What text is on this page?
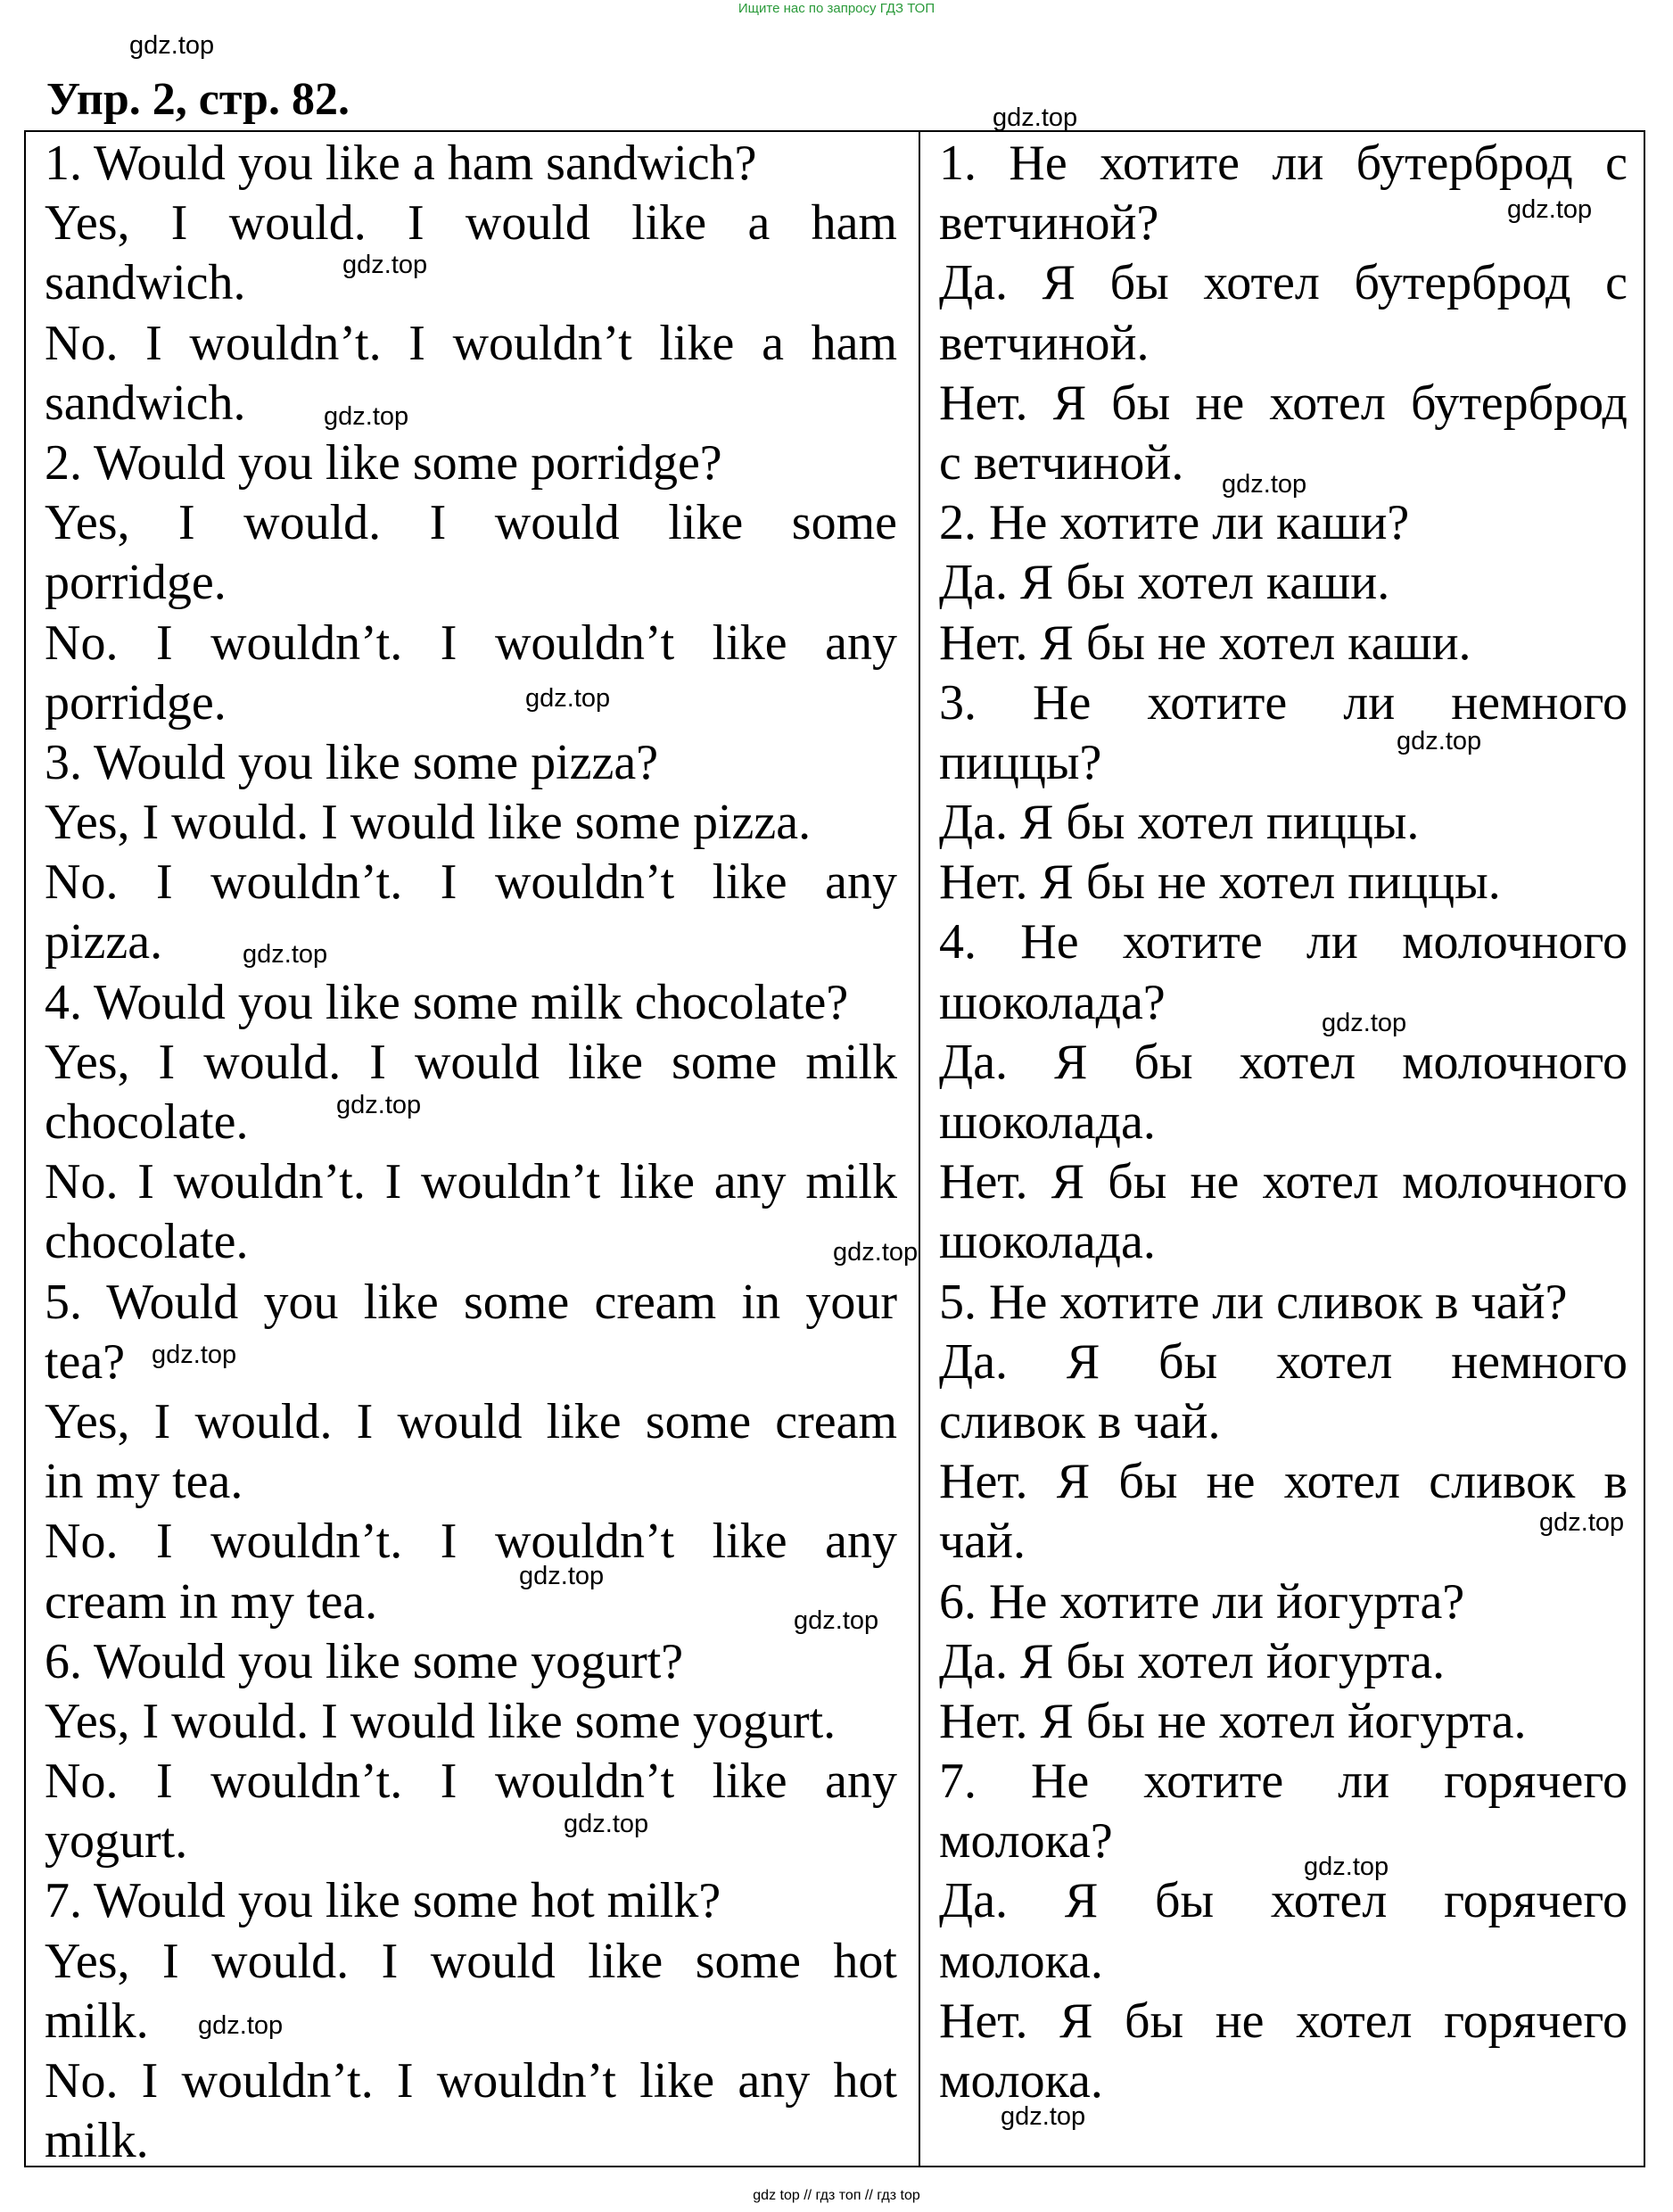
Ищите нас по запросу ГДЗ ТОП
gdz.top
Упр. 2, стр. 82.	gdz.top
1. Would you like a ham sandwich?
Yes, I would. I would like a ham
sandwich.
No. I wouldn’t. I wouldn’t like a ham
sandwich.
2. Would you like some porridge?
Yes, I would. I would like some
porridge.
No. I wouldn’t. I wouldn’t like any
porridge.
3. Would you like some pizza?
Yes, I would. I would like some pizza.
No. I wouldn’t. I wouldn’t like any
pizza.
4. Would you like some milk chocolate?
Yes, I would. I would like some milk
chocolate.
No. I wouldn’t. I wouldn’t like any milk
chocolate.
5. Would you like some cream in your
tea?
Yes, I would. I would like some cream
in my tea.
No. I wouldn’t. I wouldn’t like any
cream in my tea.
6. Would you like some yogurt?
Yes, I would. I would like some yogurt.
No. I wouldn’t. I wouldn’t like any
yogurt.
7. Would you like some hot milk?
Yes, I would. I would like some hot
milk.
No. I wouldn’t. I wouldn’t like any hot
milk.
1. Не хотите ли бутерброд с
ветчиной?
Да. Я бы хотел бутерброд с
ветчиной.
Нет. Я бы не хотел бутерброд
с ветчиной.
2. Не хотите ли каши?
Да. Я бы хотел каши.
Нет. Я бы не хотел каши.
3. Не хотите ли немного
пиццы?
Да. Я бы хотел пиццы.
Нет. Я бы не хотел пиццы.
4. Не хотите ли молочного
шоколада?
Да. Я бы хотел молочного
шоколада.
Нет. Я бы не хотел молочного
шоколада.
5. Не хотите ли сливок в чай?
Да. Я бы хотел немного
сливок в чай.
Нет. Я бы не хотел сливок в
чай.
6. Не хотите ли йогурта?
Да. Я бы хотел йогурта.
Нет. Я бы не хотел йогурта.
7. Не хотите ли горячего
молока?
Да. Я бы хотел горячего
молока.
Нет. Я бы не хотел горячего
молока.
gdz.top
gdz.top
gdz.top
gdz.top
gdz.top
gdz.top
gdz.top
gdz.top
gdz.top
gdz.top
gdz.top
gdz.top
gdz.top
gdz.top
gdz.top
gdz.top
gdz.top
gdz.top
gdz top // гдз топ // гдз top
